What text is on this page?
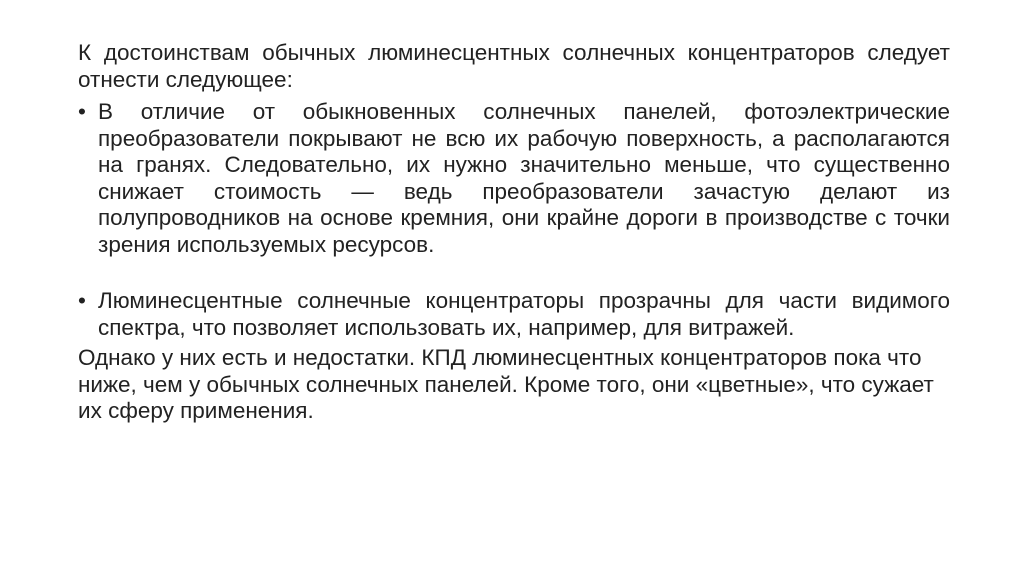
К достоинствам обычных люминесцентных солнечных концентраторов следует отнести следующее:

• В отличие от обыкновенных солнечных панелей, фотоэлектрические преобразователи покрывают не всю их рабочую поверхность, а располагаются на гранях. Следовательно, их нужно значительно меньше, что существенно снижает стоимость — ведь преобразователи зачастую делают из полупроводников на основе кремния, они крайне дороги в производстве с точки зрения используемых ресурсов.
• Люминесцентные солнечные концентраторы прозрачны для части видимого спектра, что позволяет использовать их, например, для витражей.

Однако у них есть и недостатки. КПД люминесцентных концентраторов пока что ниже, чем у обычных солнечных панелей. Кроме того, они «цветные», что сужает их сферу применения.
